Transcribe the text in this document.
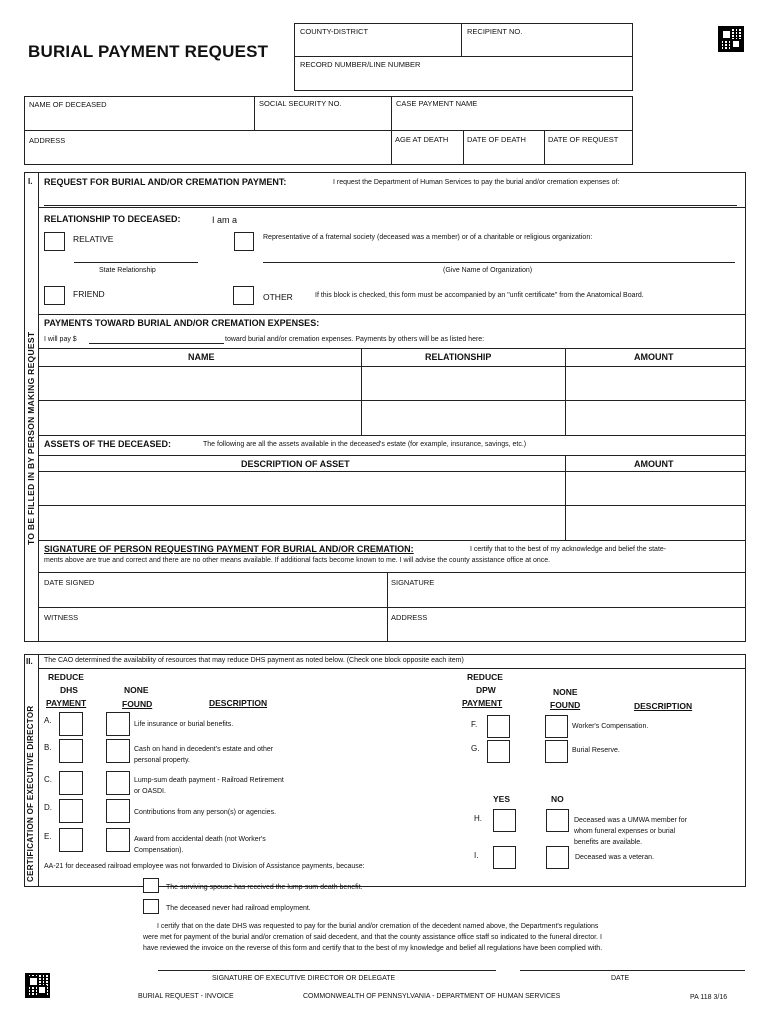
BURIAL PAYMENT REQUEST
COUNTY-DISTRICT	RECIPIENT NO.
RECORD NUMBER/LINE NUMBER
NAME OF DECEASED	SOCIAL SECURITY NO.	CASE PAYMENT NAME
ADDRESS	AGE AT DEATH DATE OF DEATH	DATE OF REQUEST
I.
TO BE FILLED IN BY PERSON MAKING REQUEST
REQUEST FOR BURIAL AND/OR CREMATION PAYMENT:	I request the Department of Human Services to pay the burial and/or cremation expenses of:
RELATIONSHIP TO DECEASED:	I am a
RELATIVE	Representative of a fraternal society (deceased was a member) or of a charitable or religious organization:
State Relationship	(Give Name of Organization)
FRIEND	OTHER	If this block is checked, this form must be accompanied by an "unfit certificate" from the Anatomical Board.
PAYMENTS TOWARD BURIAL AND/OR CREMATION EXPENSES:
I will pay $	toward burial and/or cremation expenses. Payments by others will be as listed here:
NAME	RELATIONSHIP	AMOUNT
ASSETS OF THE DECEASED:	The following are all the assets available in the deceased's estate (for example, insurance, savings, etc.)
DESCRIPTION OF ASSET	AMOUNT
SIGNATURE OF PERSON REQUESTING PAYMENT FOR BURIAL AND/OR CREMATION:	I certify that to the best of my acknowledge and belief the state-
ments above are true and correct and there are no other means available. If additional facts become known to me. I will advise the county assistance office at once.
DATE SIGNED	SIGNATURE
WITNESS	ADDRESS
II.
CERTIFICATION OF EXECUTIVE DIRECTOR
The CAO determined the availability of resources that may reduce DHS payment as noted below. (Check one block opposite each item)
REDUCE
DHS
PAYMENT
NONE
FOUND	DESCRIPTION
A.	Life insurance or burial benefits.
B.	Cash on hand in decedent's estate and other
personal property.
C.	Lump-sum death payment - Railroad Retirement
or OASDI.
D.
Contributions from any person(s) or agencies.
E.	Award from accidental death (not Worker's
Compensation).
REDUCE
DPW
PAYMENT
NONE
FOUND	DESCRIPTION
F.	Worker's Compensation.
G.	Burial Reserve.
YES	NO
H.	Deceased was a UMWA member for
whom funeral expenses or burial
benefits are available.
I.	Deceased was a veteran.
AA-21 for deceased railroad employee was not forwarded to Division of Assistance payments, because:
The surviving spouse has received the lump-sum death benefit.
The deceased never had railroad employment.
I certify that on the date DHS was requested to pay for the burial and/or cremation of the decedent named above, the Department's regulations
were met for payment of the burial and/or cremation of said decedent, and that the county assistance office staff so indicated to the funeral director. I
have reviewed the invoice on the reverse of this form and certify that to the best of my knowledge and belief all regulations have been complied with.
SIGNATURE OF EXECUTIVE DIRECTOR OR DELEGATE	DATE
BURIAL REQUEST - INVOICE	COMMONWEALTH OF PENNSYLVANIA - DEPARTMENT OF HUMAN SERVICES	PA 118 3/16
